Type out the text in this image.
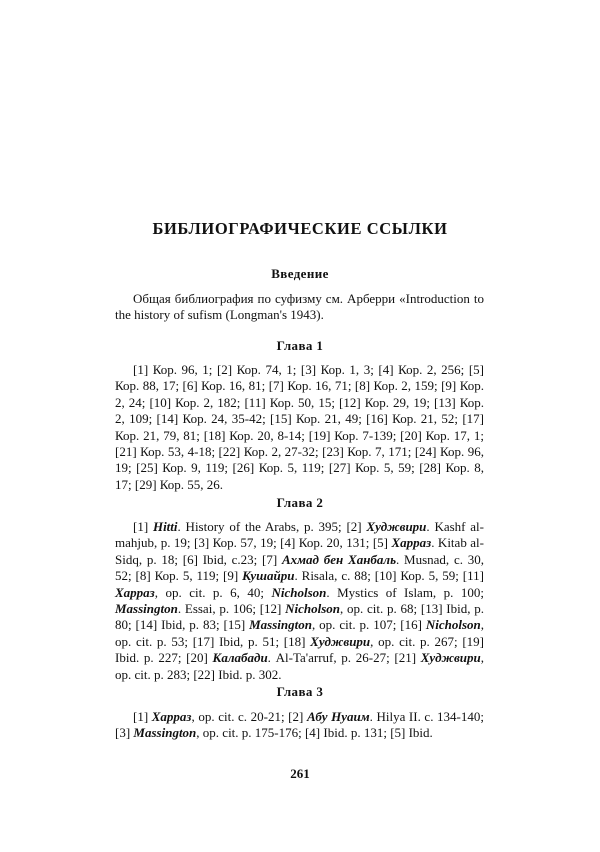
БИБЛИОГРАФИЧЕСКИЕ ССЫЛКИ
Введение

Общая библиография по суфизму см. Арберри «Introduction to the history of sufism (Longman's 1943).

Глава 1

[1] Кор. 96, 1; [2] Кор. 74, 1; [3] Кор. 1, 3; [4] Кор. 2, 256; [5] Кор. 88, 17; [6] Кор. 16, 81; [7] Кор. 16, 71; [8] Кор. 2, 159; [9] Кор. 2, 24; [10] Кор. 2, 182; [11] Кор. 50, 15; [12] Кор. 29, 19; [13] Кор. 2, 109; [14] Кор. 24, 35-42; [15] Кор. 21, 49; [16] Кор. 21, 52; [17] Кор. 21, 79, 81; [18] Кор. 20, 8-14; [19] Кор. 7-139; [20] Кор. 17, 1; [21] Кор. 53, 4-18; [22] Кор. 2, 27-32; [23] Кор. 7, 171; [24] Кор. 96, 19; [25] Кор. 9, 119; [26] Кор. 5, 119; [27] Кор. 5, 59; [28] Кор. 8, 17; [29] Кор. 55, 26.

Глава 2

[1] Hitti. History of the Arabs, p. 395; [2] Худжвири. Kashf al-mahjub, p. 19; [3] Кор. 57, 19; [4] Кор. 20, 131; [5] Харраз. Kitab al-Sidq, p. 18; [6] Ibid, с.23; [7] Ахмад бен Ханбаль. Musnad, с. 30, 52; [8] Кор. 5, 119; [9] Кушайри. Risala, с. 88; [10] Кор. 5, 59; [11] Харраз, op. cit. p. 6, 40; Nicholson. Mystics of Islam, p. 100; Massington. Essai, p. 106; [12] Nicholson, op. cit. p. 68; [13] Ibid, p. 80; [14] Ibid, p. 83; [15] Massington, op. cit. p. 107; [16] Nicholson, op. cit. p. 53; [17] Ibid, p. 51; [18] Худжвири, op. cit. p. 267; [19] Ibid. p. 227; [20] Калабади. Al-Ta'arruf, p. 26-27; [21] Худжвири, op. cit. p. 283; [22] Ibid. p. 302.

Глава 3

[1] Харраз, op. cit. с. 20-21; [2] Абу Нуаим. Hilya II. с. 134-140; [3] Massington, op. cit. p. 175-176; [4] Ibid. p. 131; [5] Ibid.

261
